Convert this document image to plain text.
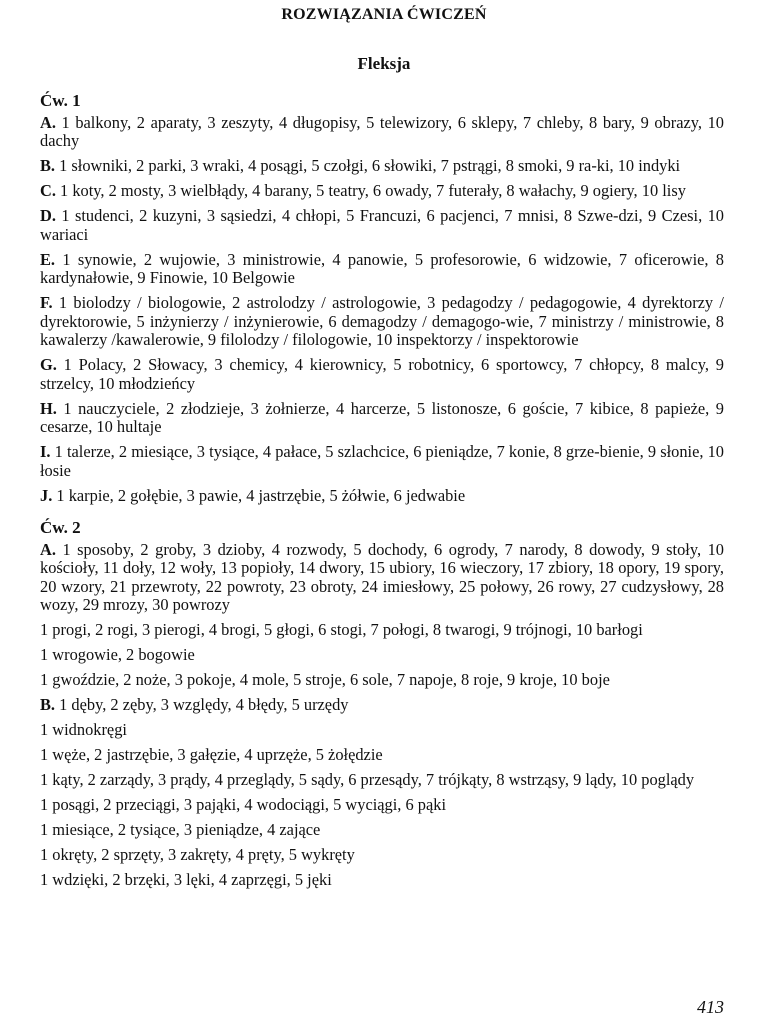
ROZWIĄZANIA ĆWICZEŃ
Fleksja
Ćw. 1
A. 1 balkony, 2 aparaty, 3 zeszyty, 4 długopisy, 5 telewizory, 6 sklepy, 7 chleby, 8 bary, 9 obrazy, 10 dachy
B. 1 słowniki, 2 parki, 3 wraki, 4 posągi, 5 czołgi, 6 słowiki, 7 pstrągi, 8 smoki, 9 ra-ki, 10 indyki
C. 1 koty, 2 mosty, 3 wielbłądy, 4 barany, 5 teatry, 6 owady, 7 futerały, 8 wałachy, 9 ogiery, 10 lisy
D. 1 studenci, 2 kuzyni, 3 sąsiedzi, 4 chłopi, 5 Francuzi, 6 pacjenci, 7 mnisi, 8 Szwe-dzi, 9 Czesi, 10 wariaci
E. 1 synowie, 2 wujowie, 3 ministrowie, 4 panowie, 5 profesorowie, 6 widzowie, 7 oficerowie, 8 kardynałowie, 9 Finowie, 10 Belgowie
F. 1 biolodzy / biologowie, 2 astrolodzy / astrologowie, 3 pedagodzy / pedagogowie, 4 dyrektorzy / dyrektorowie, 5 inżynierzy / inżynierowie, 6 demagodzy / demagogo-wie, 7 ministrzy / ministrowie, 8 kawalerzy /kawalerowie, 9 filolodzy / filologowie, 10 inspektorzy / inspektorowie
G. 1 Polacy, 2 Słowacy, 3 chemicy, 4 kierownicy, 5 robotnicy, 6 sportowcy, 7 chłopcy, 8 malcy, 9 strzelcy, 10 młodzieńcy
H. 1 nauczyciele, 2 złodzieje, 3 żołnierze, 4 harcerze, 5 listonosze, 6 goście, 7 kibice, 8 papieże, 9 cesarze, 10 hultaje
I. 1 talerze, 2 miesiące, 3 tysiące, 4 pałace, 5 szlachcice, 6 pieniądze, 7 konie, 8 grze-bienie, 9 słonie, 10 łosie
J. 1 karpie, 2 gołębie, 3 pawie, 4 jastrzębie, 5 żółwie, 6 jedwabie
Ćw. 2
A. 1 sposoby, 2 groby, 3 dzioby, 4 rozwody, 5 dochody, 6 ogrody, 7 narody, 8 dowody, 9 stoły, 10 kościoły, 11 doły, 12 woły, 13 popioły, 14 dwory, 15 ubiory, 16 wieczory, 17 zbiory, 18 opory, 19 spory, 20 wzory, 21 przewroty, 22 powroty, 23 obroty, 24 imiesłowy, 25 połowy, 26 rowy, 27 cudzysłowy, 28 wozy, 29 mrozy, 30 powrozy
1 progi, 2 rogi, 3 pierogi, 4 brogi, 5 głogi, 6 stogi, 7 połogi, 8 twarogi, 9 trójnogi, 10 barłogi
1 wrogowie, 2 bogowie
1 gwoździe, 2 noże, 3 pokoje, 4 mole, 5 stroje, 6 sole, 7 napoje, 8 roje, 9 kroje, 10 boje
B. 1 dęby, 2 zęby, 3 względy, 4 błędy, 5 urzędy
1 widnokręgi
1 węże, 2 jastrzębie, 3 gałęzie, 4 uprzęże, 5 żołędzie
1 kąty, 2 zarządy, 3 prądy, 4 przeglądy, 5 sądy, 6 przesądy, 7 trójkąty, 8 wstrząsy, 9 lądy, 10 poglądy
1 posągi, 2 przeciągi, 3 pająki, 4 wodociągi, 5 wyciągi, 6 pąki
1 miesiące, 2 tysiące, 3 pieniądze, 4 zające
1 okręty, 2 sprzęty, 3 zakręty, 4 pręty, 5 wykręty
1 wdzięki, 2 brzęki, 3 lęki, 4 zaprzęgi, 5 jęki
413
